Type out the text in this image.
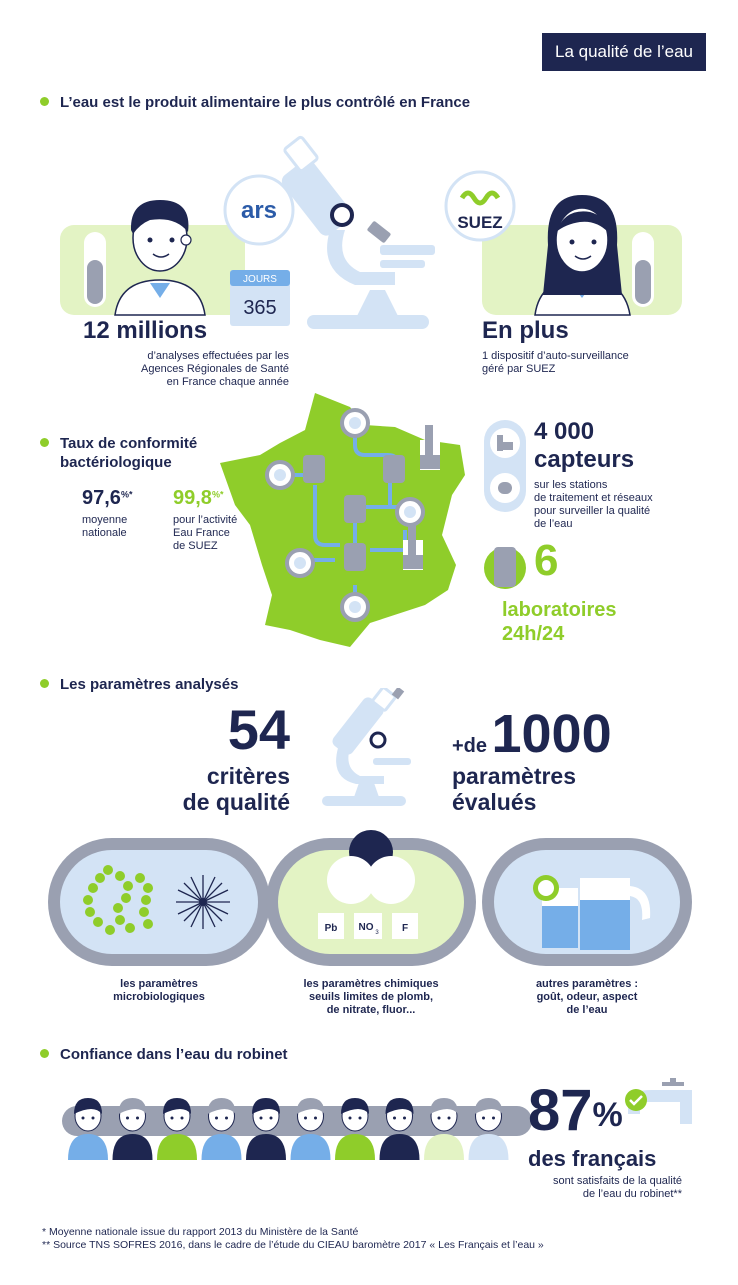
La qualité de l’eau
L’eau est le produit alimentaire le plus contrôlé en France
ars
JOURS
365
SUEZ
12 millions
d’analyses effectuées par les
Agences Régionales de Santé
en France chaque année
En plus
1 dispositif d’auto-surveillance
géré par SUEZ
Taux de conformité
bactériologique
97,6%*
moyenne
nationale
99,8%*
pour l’activité
Eau France
de SUEZ
4 000
capteurs
sur les stations
de traitement et réseaux
pour surveiller la qualité
de l’eau
6
laboratoires
24h/24
Les paramètres analysés
54
critères
de qualité
+de 1000
paramètres
évalués
Pb NO 3 F
les paramètres
microbiologiques
les paramètres chimiques
seuils limites de plomb,
de nitrate, fluor...
autres paramètres :
goût, odeur, aspect
de l’eau
Confiance dans l’eau du robinet
87%
des français
sont satisfaits de la qualité
de l’eau du robinet**
* Moyenne nationale issue du rapport 2013 du Ministère de la Santé
** Source TNS SOFRES 2016, dans le cadre de l’étude du CIEAU baromètre 2017 « Les Français et l’eau »
